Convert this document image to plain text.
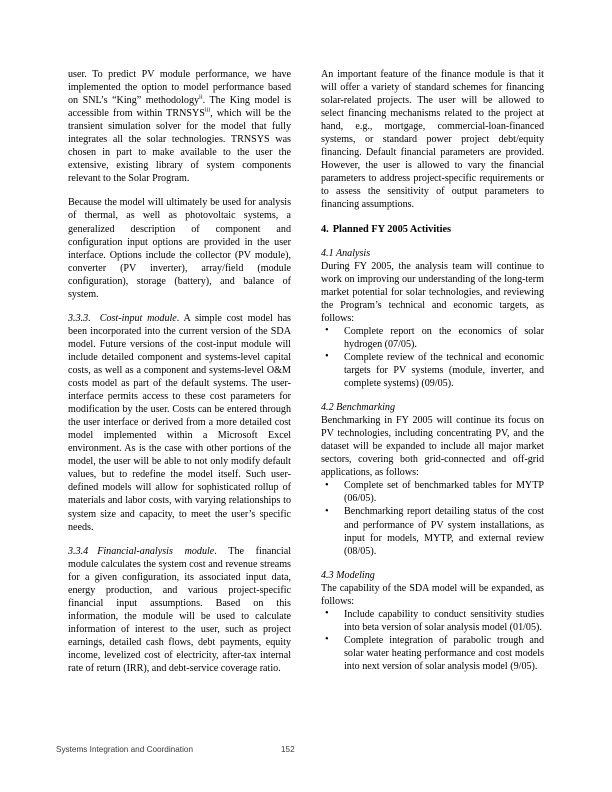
user. To predict PV module performance, we have implemented the option to model performance based on SNL’s “King” methodology$^{ii}$. The King model is accessible from within TRNSYS$^{iii}$, which will be the transient simulation solver for the model that fully integrates all the solar technologies. TRNSYS was chosen in part to make available to the user the extensive, existing library of system components relevant to the Solar Program.

Because the model will ultimately be used for analysis of thermal, as well as photovoltaic systems, a generalized description of component and configuration input options are provided in the user interface. Options include the collector (PV module), converter (PV inverter), array/field (module configuration), storage (battery), and balance of system.

3.3.3. Cost-input module. A simple cost model has been incorporated into the current version of the SDA model. Future versions of the cost-input module will include detailed component and systems-level capital costs, as well as a component and systems-level O&M costs model as part of the default systems. The user-interface permits access to these cost parameters for modification by the user. Costs can be entered through the user interface or derived from a more detailed cost model implemented within a Microsoft Excel environment. As is the case with other portions of the model, the user will be able to not only modify default values, but to redefine the model itself. Such user-defined models will allow for sophisticated rollup of materials and labor costs, with varying relationships to system size and capacity, to meet the user’s specific needs.

3.3.4 Financial-analysis module. The financial module calculates the system cost and revenue streams for a given configuration, its associated input data, energy production, and various project-specific financial input assumptions. Based on this information, the module will be used to calculate information of interest to the user, such as project earnings, detailed cash flows, debt payments, equity income, levelized cost of electricity, after-tax internal rate of return (IRR), and debt-service coverage ratio.

An important feature of the finance module is that it will offer a variety of standard schemes for financing solar-related projects. The user will be allowed to select financing mechanisms related to the project at hand, e.g., mortgage, commercial-loan-financed systems, or standard power project debt/equity financing. Default financial parameters are provided. However, the user is allowed to vary the financial parameters to address project-specific requirements or to assess the sensitivity of output parameters to financing assumptions.

4. Planned FY 2005 Activities
4.1 Analysis

During FY 2005, the analysis team will continue to work on improving our understanding of the long-term market potential for solar technologies, and reviewing the Program’s technical and economic targets, as follows:

• Complete report on the economics of solar hydrogen (07/05).
• Complete review of the technical and economic targets for PV systems (module, inverter, and complete systems) (09/05).
4.2 Benchmarking

Benchmarking in FY 2005 will continue its focus on PV technologies, including concentrating PV, and the dataset will be expanded to include all major market sectors, covering both grid-connected and off-grid applications, as follows:

• Complete set of benchmarked tables for MYTP (06/05).
• Benchmarking report detailing status of the cost and performance of PV system installations, as input for models, MYTP, and external review (08/05).
4.3 Modeling

The capability of the SDA model will be expanded, as follows:

• Include capability to conduct sensitivity studies into beta version of solar analysis model (01/05).
• Complete integration of parabolic trough and solar water heating performance and cost models into next version of solar analysis model (9/05).
Systems Integration and Coordination	152
